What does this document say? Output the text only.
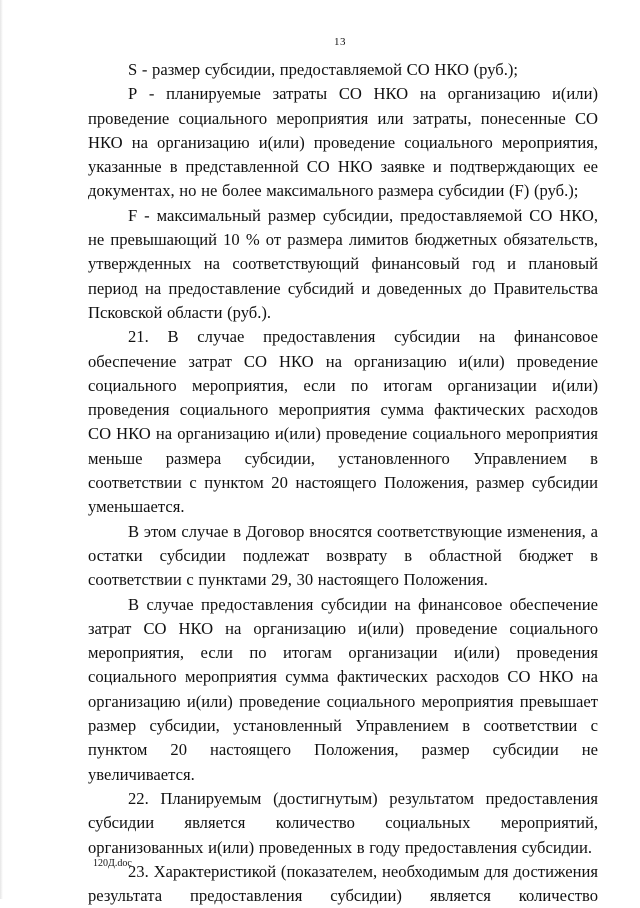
13

S - размер субсидии, предоставляемой СО НКО (руб.);

Р - планируемые затраты СО НКО на организацию и(или) проведение социального мероприятия или затраты, понесенные СО НКО на организацию и(или) проведение социального мероприятия, указанные в представленной СО НКО заявке и подтверждающих ее документах, но не более максимального размера субсидии (F) (руб.);

F - максимальный размер субсидии, предоставляемой СО НКО, не превышающий 10 % от размера лимитов бюджетных обязательств, утвержденных на соответствующий финансовый год и плановый период на предоставление субсидий и доведенных до Правительства Псковской области (руб.).

21. В случае предоставления субсидии на финансовое обеспечение затрат СО НКО на организацию и(или) проведение социального мероприятия, если по итогам организации и(или) проведения социального мероприятия сумма фактических расходов СО НКО на организацию и(или) проведение социального мероприятия меньше размера субсидии, установленного Управлением в соответствии с пунктом 20 настоящего Положения, размер субсидии уменьшается.

В этом случае в Договор вносятся соответствующие изменения, а остатки субсидии подлежат возврату в областной бюджет в соответствии с пунктами 29, 30 настоящего Положения.

В случае предоставления субсидии на финансовое обеспечение затрат СО НКО на организацию и(или) проведение социального мероприятия, если по итогам организации и(или) проведения социального мероприятия сумма фактических расходов СО НКО на организацию и(или) проведение социального мероприятия превышает размер субсидии, установленный Управлением в соответствии с пунктом 20 настоящего Положения, размер субсидии не увеличивается.

22. Планируемым (достигнутым) результатом предоставления субсидии является количество социальных мероприятий, организованных и(или) проведенных в году предоставления субсидии.

23. Характеристикой (показателем, необходимым для достижения результата предоставления субсидии) является количество

120Д.doc
